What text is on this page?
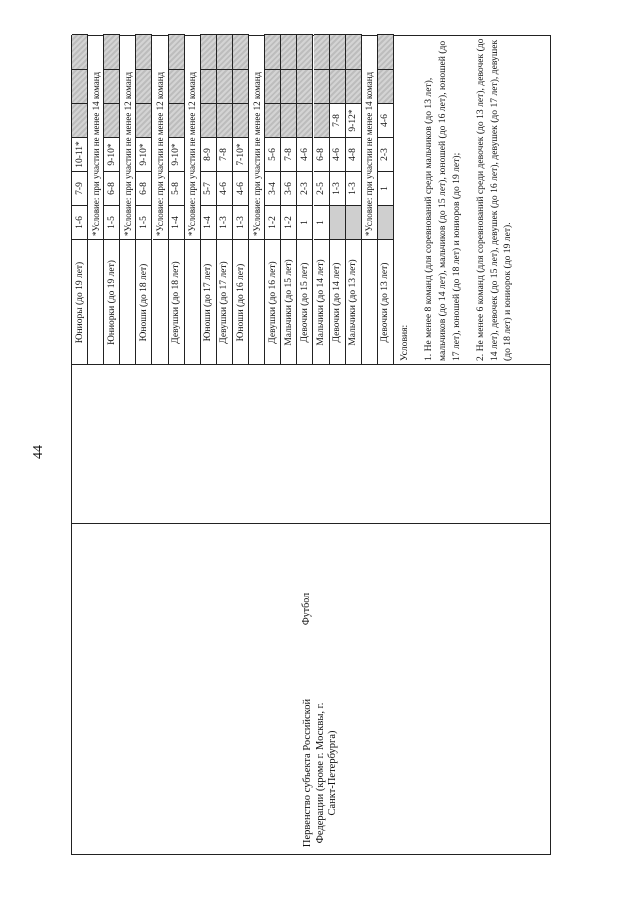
44
Первенство субъекта Российской Федерации (кроме г. Москвы, г. Санкт-Петербурга)
Футбол
Юниоры (до 19 лет)
1-6
7-9
10-11* *Условие: при участии не менее 14 команд
Юниорки (до 19 лет)
1-5
6-8
9-10* *Условие: при участии не менее 12 команд
Юноши (до 18 лет)
1-5
6-8
9-10* *Условие: при участии не менее 12 команд
Девушки (до 18 лет)
1-4
5-8
9-10* *Условие: при участии не менее 12 команд
Юноши (до 17 лет)
1-4
5-7
8-9
Девушки (до 17 лет)
1-3
4-6
7-8
Юноши (до 16 лет)
1-3
4-6
7-10* *Условие: при участии не менее 12 команд
Девушки (до 16 лет)
1-2
3-4
5-6
Мальчики (до 15 лет)
1-2
3-6
7-8
Девочки (до 15 лет)
1
2-3
4-6
Мальчики (до 14 лет)
1
2-5
6-8
Девочки (до 14 лет)
1-3
4-6
7-8
Мальчики (до 13 лет)
1-3
4-8
9-12* *Условие: при участии не менее 14 команд
Девочки (до 13 лет)
1
2-3
4-6

Условия: 1. Не менее 8 команд (для соревнований среди мальчиков (до 13 лет), мальчиков (до 14 лет), мальчиков (до 15 лет), юношей (до 16 лет), юношей (до 17 лет), юношей (до 18 лет) и юниоров (до 19 лет); 2. Не менее 6 команд (для соревнований среди девочек (до 13 лет), девочек (до 14 лет), девочек (до 15 лет), девушек (до 16 лет), девушек (до 17 лет), девушек (до 18 лет) и юниорок (до 19 лет).
